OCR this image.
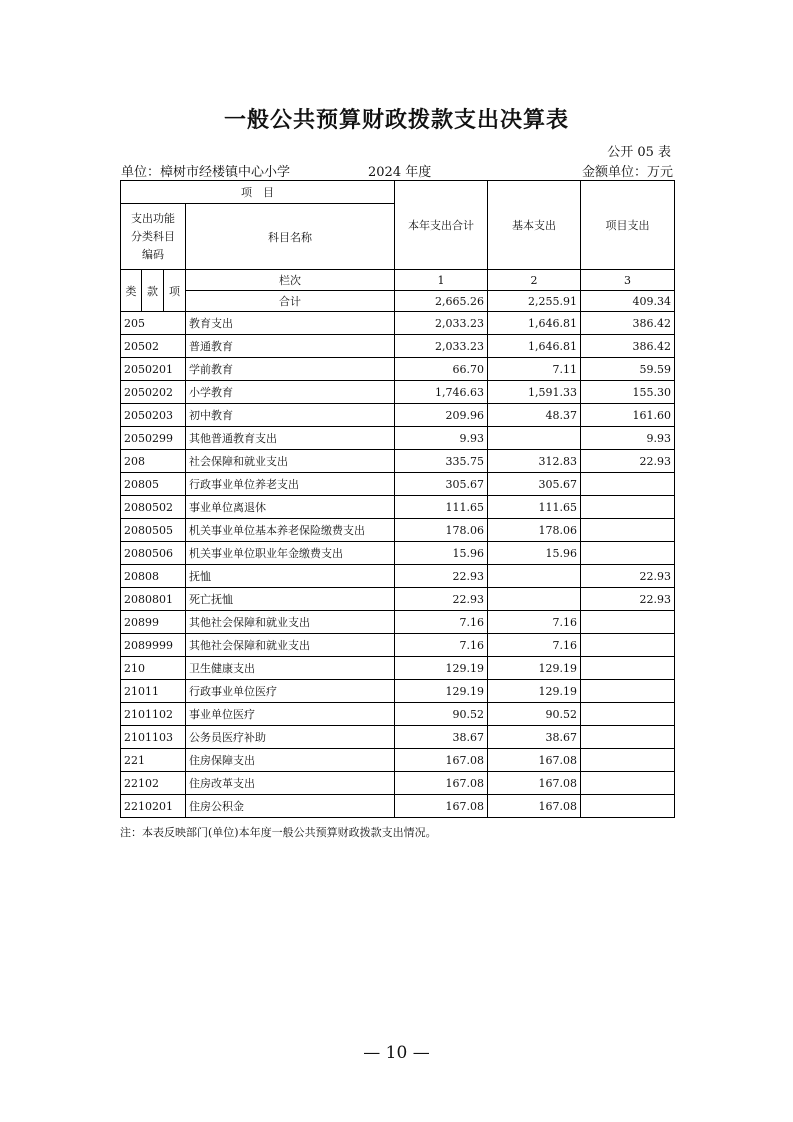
一般公共预算财政拨款支出决算表
公开 05 表
单位：樟树市经楼镇中心小学	2024 年度	金额单位：万元
项　目				本年支出合计	基本支出	项目支出

支出功能
分类科目
编码			科目名称			
类	款	项	栏次	1	2	3
			合计	2,665.26	2,255.91	409.34
205			教育支出	2,033.23	1,646.81	386.42
20502			普通教育	2,033.23	1,646.81	386.42
2050201			学前教育	66.70	7.11	59.59
2050202			小学教育	1,746.63	1,591.33	155.30
2050203			初中教育	209.96	48.37	161.60
2050299			其他普通教育支出	9.93		9.93
208			社会保障和就业支出	335.75	312.83	22.93
20805			行政事业单位养老支出	305.67	305.67	
2080502			事业单位离退休	111.65	111.65	
2080505			机关事业单位基本养老保险缴费支出	178.06	178.06	
2080506			机关事业单位职业年金缴费支出	15.96	15.96	
20808			抚恤	22.93		22.93
2080801			死亡抚恤	22.93		22.93
20899			其他社会保障和就业支出	7.16	7.16	
2089999			其他社会保障和就业支出	7.16	7.16	
210			卫生健康支出	129.19	129.19	
21011			行政事业单位医疗	129.19	129.19	
2101102			事业单位医疗	90.52	90.52	
2101103			公务员医疗补助	38.67	38.67	
221			住房保障支出	167.08	167.08	
22102			住房改革支出	167.08	167.08	
2210201			住房公积金	167.08	167.08	
注：本表反映部门(单位)本年度一般公共预算财政拨款支出情况。
— 10 —
